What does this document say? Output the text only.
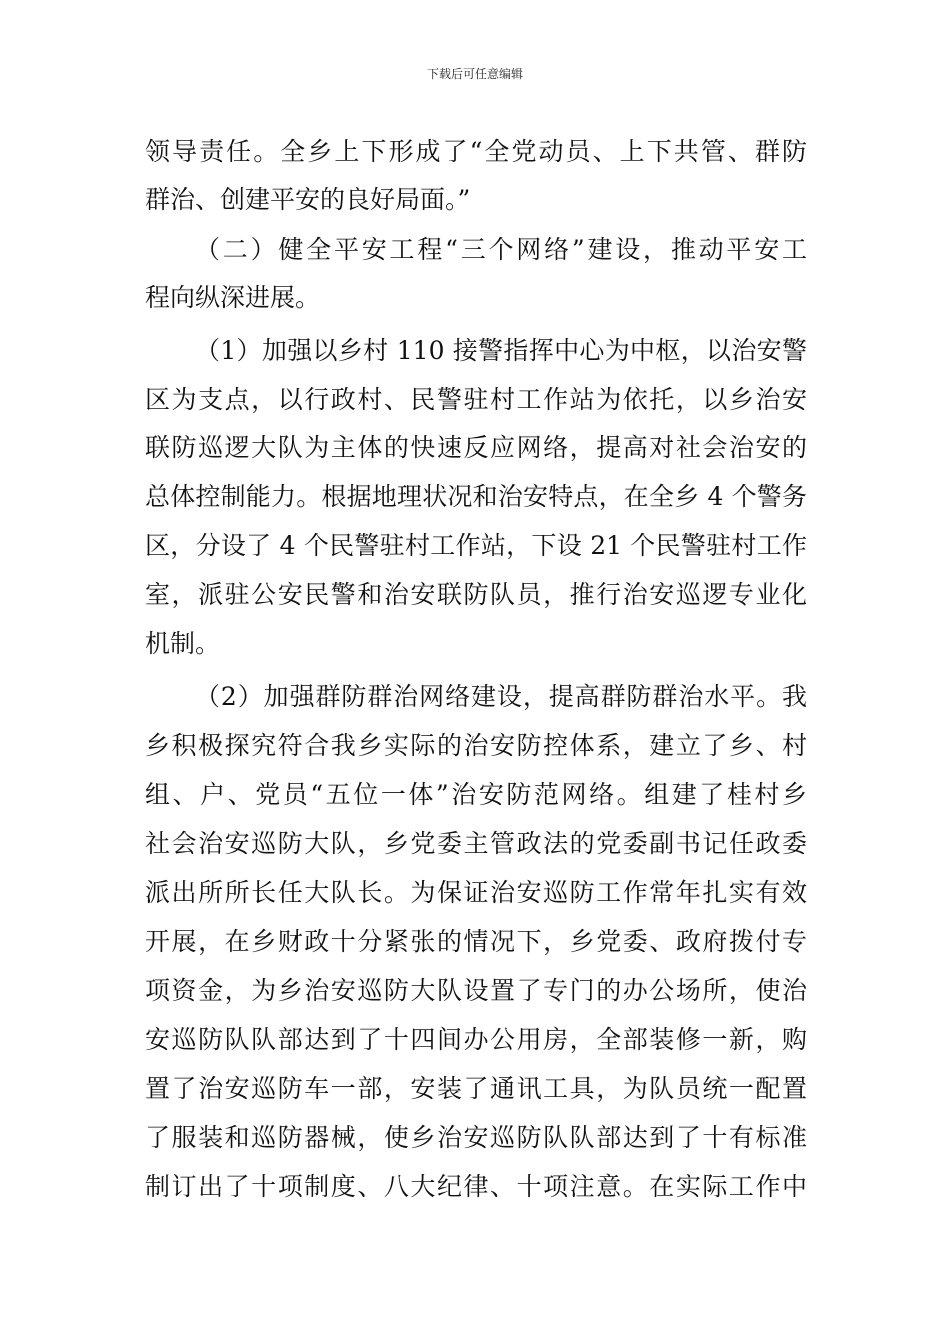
下载后可任意编辑
领导责任。全乡上下形成了“全党动员、上下共管、群防
群治、创建平安的良好局面。”
（二）健全平安工程“三个网络”建设，推动平安工
程向纵深进展。
（1）加强以乡村 110 接警指挥中心为中枢，以治安警
区为支点，以行政村、民警驻村工作站为依托，以乡治安
联防巡逻大队为主体的快速反应网络，提高对社会治安的
总体控制能力。根据地理状况和治安特点，在全乡 4 个警务
区，分设了 4 个民警驻村工作站，下设 21 个民警驻村工作
室，派驻公安民警和治安联防队员，推行治安巡逻专业化
机制。
（2）加强群防群治网络建设，提高群防群治水平。我
乡积极探究符合我乡实际的治安防控体系，建立了乡、村
组、户、党员“五位一体”治安防范网络。组建了桂村乡
社会治安巡防大队，乡党委主管政法的党委副书记任政委
派出所所长任大队长。为保证治安巡防工作常年扎实有效
开展，在乡财政十分紧张的情况下，乡党委、政府拨付专
项资金，为乡治安巡防大队设置了专门的办公场所，使治
安巡防队队部达到了十四间办公用房，全部装修一新，购
置了治安巡防车一部，安装了通讯工具，为队员统一配置
了服装和巡防器械，使乡治安巡防队队部达到了十有标准
制订出了十项制度、八大纪律、十项注意。在实际工作中
